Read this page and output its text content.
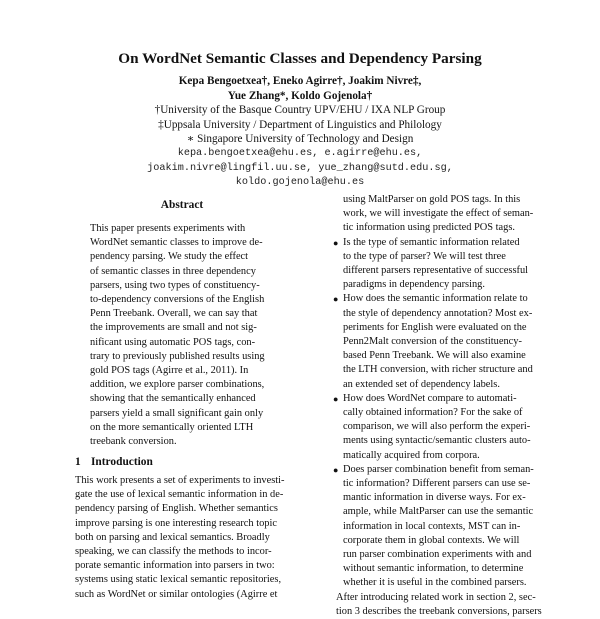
On WordNet Semantic Classes and Dependency Parsing
Kepa Bengoetxea†, Eneko Agirre†, Joakim Nivre‡,
Yue Zhang*, Koldo Gojenola†
†University of the Basque Country UPV/EHU / IXA NLP Group
‡Uppsala University / Department of Linguistics and Philology
∗ Singapore University of Technology and Design
kepa.bengoetxea@ehu.es, e.agirre@ehu.es,
joakim.nivre@lingfil.uu.se, yue_zhang@sutd.edu.sg,
koldo.gojenola@ehu.es
Abstract
This paper presents experiments with
WordNet semantic classes to improve de-
pendency parsing. We study the effect
of semantic classes in three dependency
parsers, using two types of constituency-
to-dependency conversions of the English
Penn Treebank. Overall, we can say that
the improvements are small and not sig-
nificant using automatic POS tags, con-
trary to previously published results using
gold POS tags (Agirre et al., 2011). In
addition, we explore parser combinations,
showing that the semantically enhanced
parsers yield a small significant gain only
on the more semantically oriented LTH
treebank conversion.
1 Introduction
This work presents a set of experiments to investi-
gate the use of lexical semantic information in de-
pendency parsing of English. Whether semantics
improve parsing is one interesting research topic
both on parsing and lexical semantics. Broadly
speaking, we can classify the methods to incor-
porate semantic information into parsers in two:
systems using static lexical semantic repositories,
such as WordNet or similar ontologies (Agirre et
using MaltParser on gold POS tags. In this
work, we will investigate the effect of seman-
tic information using predicted POS tags.
● Is the type of semantic information related
to the type of parser? We will test three
different parsers representative of successful
paradigms in dependency parsing.
● How does the semantic information relate to
the style of dependency annotation? Most ex-
periments for English were evaluated on the
Penn2Malt conversion of the constituency-
based Penn Treebank. We will also examine
the LTH conversion, with richer structure and
an extended set of dependency labels.
● How does WordNet compare to automati-
cally obtained information? For the sake of
comparison, we will also perform the experi-
ments using syntactic/semantic clusters auto-
matically acquired from corpora.
● Does parser combination benefit from seman-
tic information? Different parsers can use se-
mantic information in diverse ways. For ex-
ample, while MaltParser can use the semantic
information in local contexts, MST can in-
corporate them in global contexts. We will
run parser combination experiments with and
without semantic information, to determine
whether it is useful in the combined parsers.
After introducing related work in section 2, sec-
tion 3 describes the treebank conversions, parsers
